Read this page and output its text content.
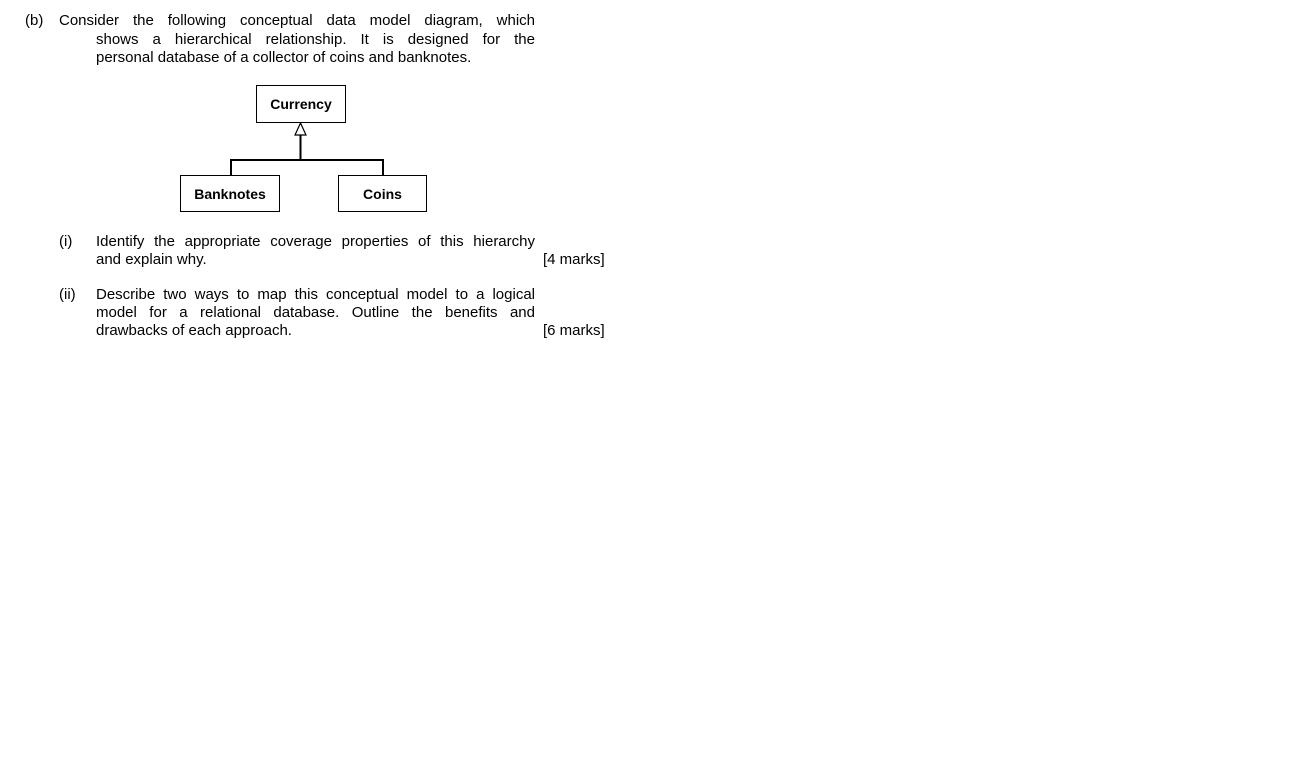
(b) Consider the following conceptual data model diagram, which
shows a hierarchical relationship. It is designed for the
personal database of a collector of coins and banknotes.
Currency
Banknotes	Coins
(i) Identify the appropriate coverage properties of this hierarchy
and explain why.	[4 marks]
(ii) Describe two ways to map this conceptual model to a logical
model for a relational database. Outline the benefits and
drawbacks of each approach.	[6 marks]
